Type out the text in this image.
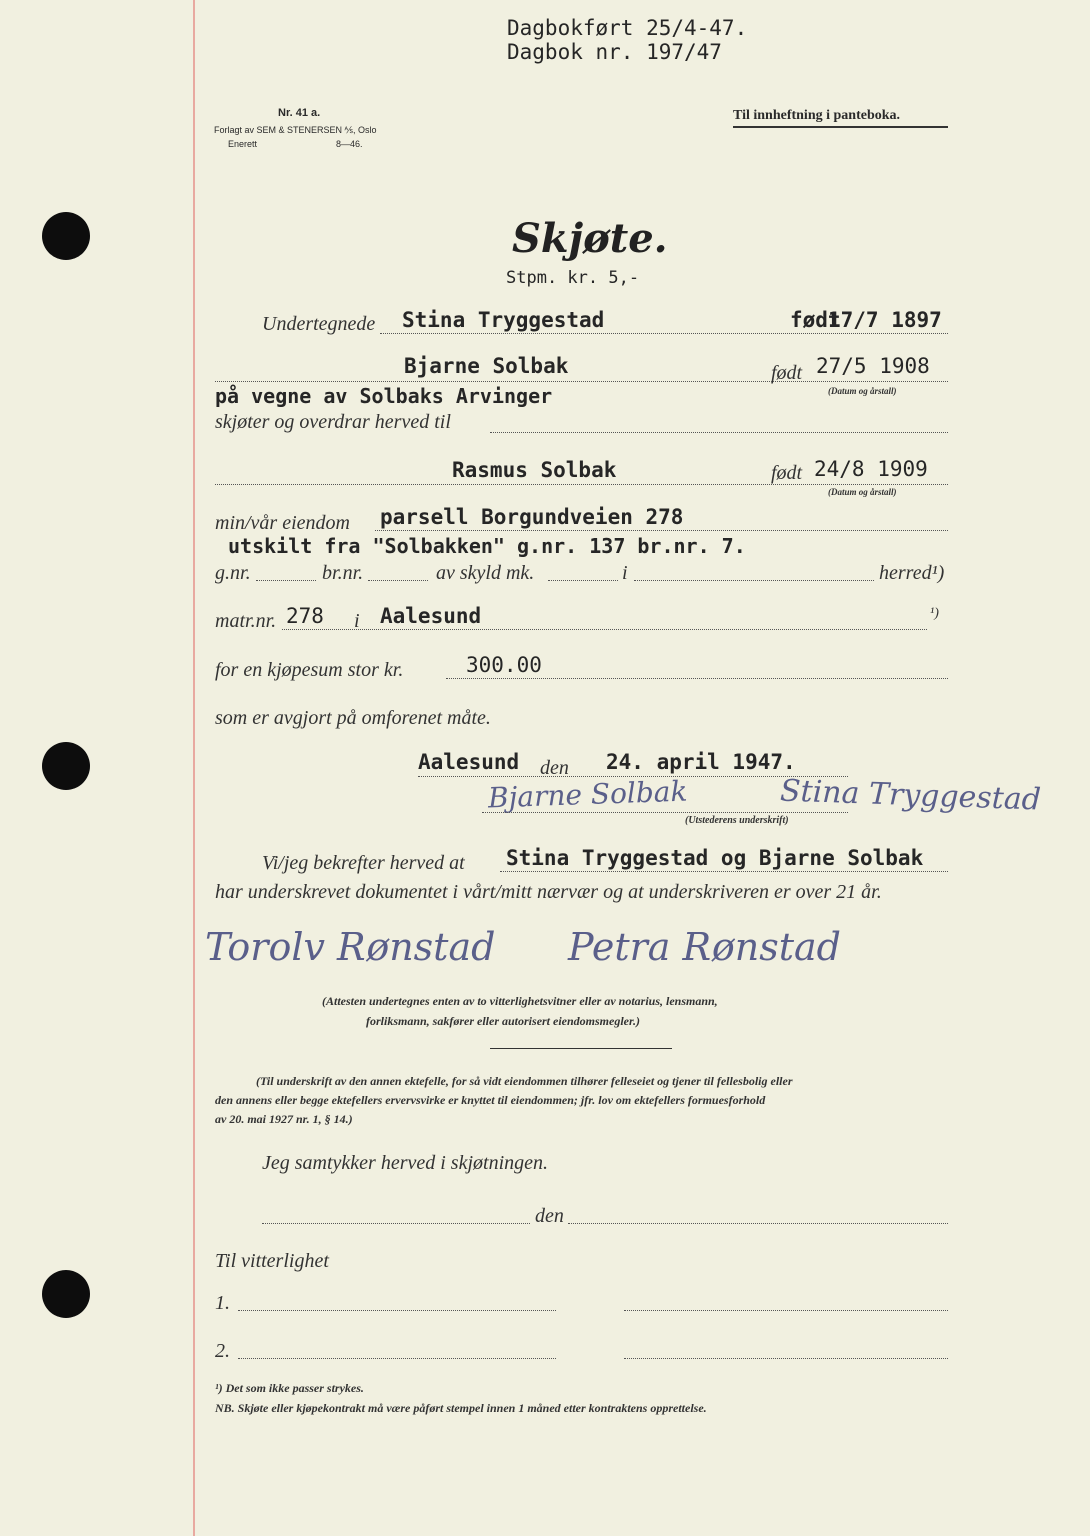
Dagbokført 25/4-47.
Dagbok nr. 197/47
Nr. 41 a.
Forlagt av SEM & STENERSEN ⅍, Oslo
Enerett	8—46.
Til innheftning i panteboka.
Skjøte.
Stpm. kr. 5,-
Undertegnede Stina Tryggestad	født
17/7 1897
Bjarne Solbak	født 27/5 1908
på vegne av Solbaks Arvinger	(Datum og årstall)
skjøter og overdrar herved til
Rasmus Solbak	født 24/8 1909
(Datum og årstall)
min/vår eiendom parsell Borgundveien 278
utskilt fra "Solbakken" g.nr. 137 br.nr. 7.
g.nr.	br.nr.	av skyld mk.	i	herred¹)
matr.nr. 278 i Aalesund	¹)
for en kjøpesum stor kr.	300.00
som er avgjort på omforenet måte.
Aalesund den 24. april 1947.
Bjarne Solbak	Stina Tryggestad
(Utstederens underskrift)
Vi/jeg bekrefter herved at Stina Tryggestad og Bjarne Solbak
har underskrevet dokumentet i vårt/mitt nærvær og at underskriveren er over 21 år.
Torolv Rønstad Petra Rønstad
(Attesten undertegnes enten av to vitterlighetsvitner eller av notarius, lensmann,
forliksmann, sakfører eller autorisert eiendomsmegler.)
(Til underskrift av den annen ektefelle, for så vidt eiendommen tilhører felleseiet og tjener til fellesbolig eller
den annens eller begge ektefellers ervervsvirke er knyttet til eiendommen; jfr. lov om ektefellers formuesforhold
av 20. mai 1927 nr. 1, § 14.)
Jeg samtykker herved i skjøtningen.
den
Til vitterlighet
1.
2.
¹) Det som ikke passer strykes.
NB. Skjøte eller kjøpekontrakt må være påført stempel innen 1 måned etter kontraktens opprettelse.
